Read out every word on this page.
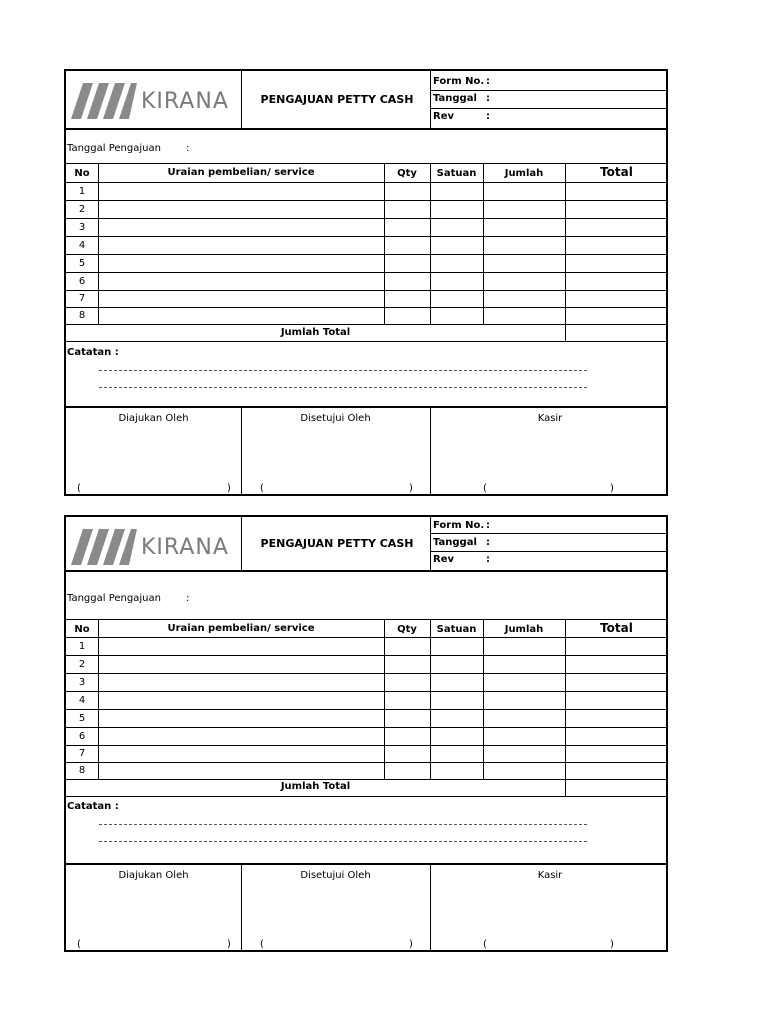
KIRANA	PENGAJUAN PETTY CASH
Form No. :
Tanggal :
Rev	:
Tanggal Pengajuan	:
No	Uraian pembelian/ service	Qty	Satuan	Jumlah	Total
1
2
3
4
5
6
7
8
Jumlah Total
Catatan :
Diajukan Oleh	Disetujui Oleh	Kasir
(	)	(	)	(	)
KIRANA	PENGAJUAN PETTY CASH
Form No. :
Tanggal :
Rev	:
Tanggal Pengajuan	:
No	Uraian pembelian/ service	Qty	Satuan	Jumlah	Total
1
2
3
4
5
6
7
8
Jumlah Total
Catatan :
Diajukan Oleh	Disetujui Oleh	Kasir
(	)	(	)	(	)
